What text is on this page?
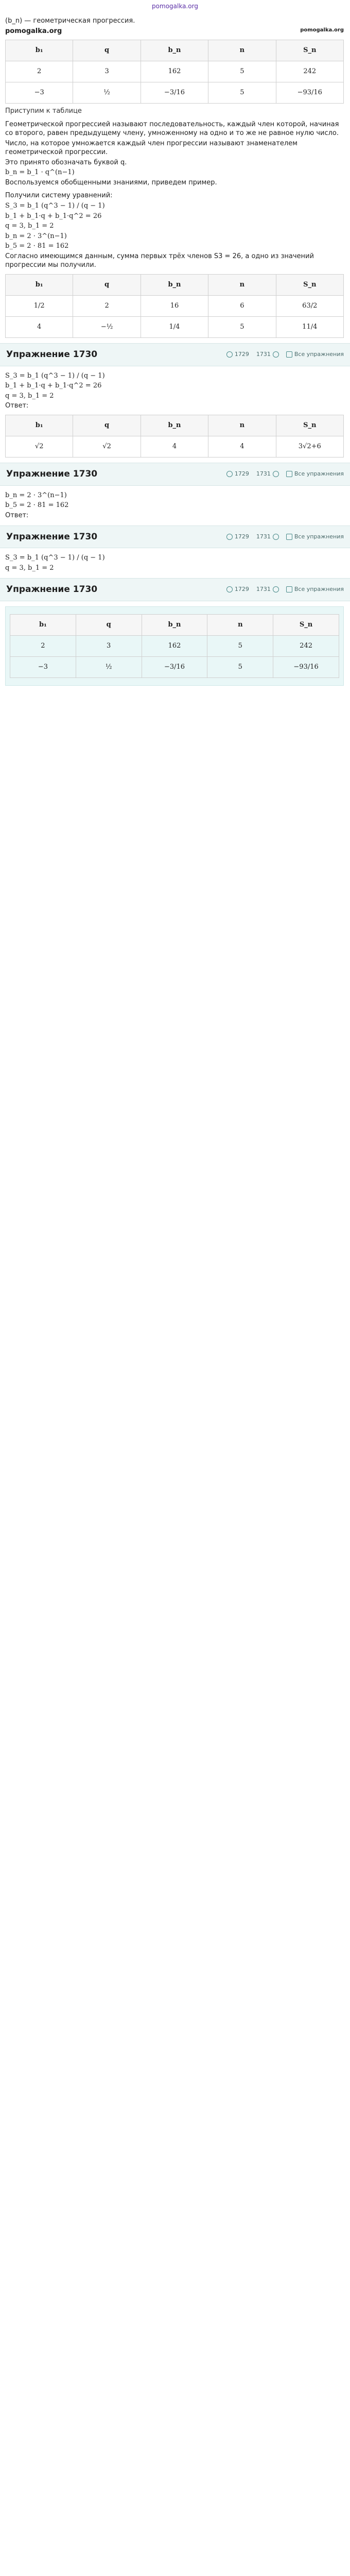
pomogalka.org
(b_n) — геометрическая прогрессия.
pomogalka.org	pomogalka.org
b₁	q	b_n	n	S_n
2	3	162	5	242
−3	½	−3/16	5	−93/16
Приступим к таблице
Геометрической прогрессией называют последовательность, каждый член которой, начиная со второго, равен предыдущему члену, умноженному на одно и то же не равное нулю число.
Число, на которое умножается каждый член прогрессии называют знаменателем геометрической прогрессии.
Это принято обозначать буквой q.
b_n = b_1 · q^(n−1)
Воспользуемся обобщенными знаниями, приведем пример.
Получили систему уравнений:
S_3 = b_1 (q^3 − 1) / (q − 1)
b_1 + b_1·q + b_1·q^2 = 26
q = 3, b_1 = 2
b_n = 2 · 3^(n−1)
b_5 = 2 · 81 = 162
Согласно имеющимся данным, сумма первых трёх членов S3 = 26, а одно из значений прогрессии мы получили.
b₁	q	b_n	n	S_n
1/2	2	16	6	63/2
4	−½	1/4	5	11/4
Упражнение 1730	1729 1731	Все упражнения
S_3 = b_1 (q^3 − 1) / (q − 1)
b_1 + b_1·q + b_1·q^2 = 26
q = 3, b_1 = 2
Ответ:
b₁	q	b_n	n	S_n
√2	√2	4	4	3√2+6
Упражнение 1730	1729 1731	Все упражнения
b_n = 2 · 3^(n−1)
b_5 = 2 · 81 = 162
Ответ:
Упражнение 1730	1729 1731	Все упражнения
S_3 = b_1 (q^3 − 1) / (q − 1)
q = 3, b_1 = 2
Упражнение 1730	1729 1731	Все упражнения
b₁	q	b_n	n	S_n
2	3	162	5	242
−3	½	−3/16	5	−93/16
